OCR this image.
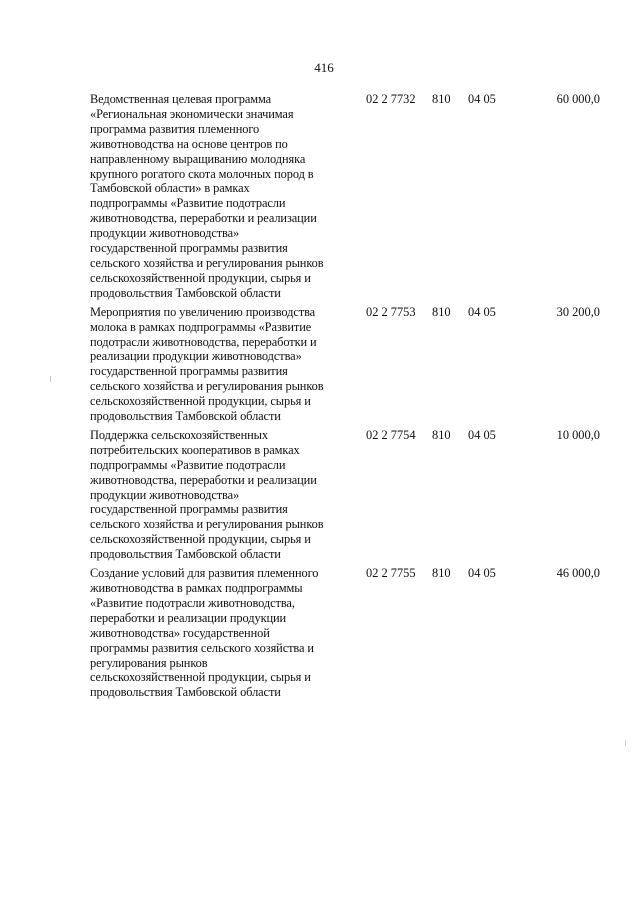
416
Ведомственная целевая программа
«Региональная экономически значимая
программа развития племенного
животноводства на основе центров по
направленному выращиванию молодняка
крупного рогатого скота молочных пород в
Тамбовской области» в рамках
подпрограммы «Развитие подотрасли
животноводства, переработки и реализации
продукции животноводства»
государственной программы развития
сельского хозяйства и регулирования рынков
сельскохозяйственной продукции, сырья и
продовольствия Тамбовской области
02 2 7732 810 04 05	60 000,0
Мероприятия по увеличению производства
молока в рамках подпрограммы «Развитие
подотрасли животноводства, переработки и
реализации продукции животноводства»
государственной программы развития
сельского хозяйства и регулирования рынков
сельскохозяйственной продукции, сырья и
продовольствия Тамбовской области
02 2 7753 810 04 05	30 200,0
Поддержка сельскохозяйственных
потребительских кооперативов в рамках
подпрограммы «Развитие подотрасли
животноводства, переработки и реализации
продукции животноводства»
государственной программы развития
сельского хозяйства и регулирования рынков
сельскохозяйственной продукции, сырья и
продовольствия Тамбовской области
02 2 7754 810 04 05	10 000,0
Создание условий для развития племенного
животноводства в рамках подпрограммы
«Развитие подотрасли животноводства,
переработки и реализации продукции
животноводства» государственной
программы развития сельского хозяйства и
регулирования рынков
сельскохозяйственной продукции, сырья и
продовольствия Тамбовской области
02 2 7755 810 04 05	46 000,0
